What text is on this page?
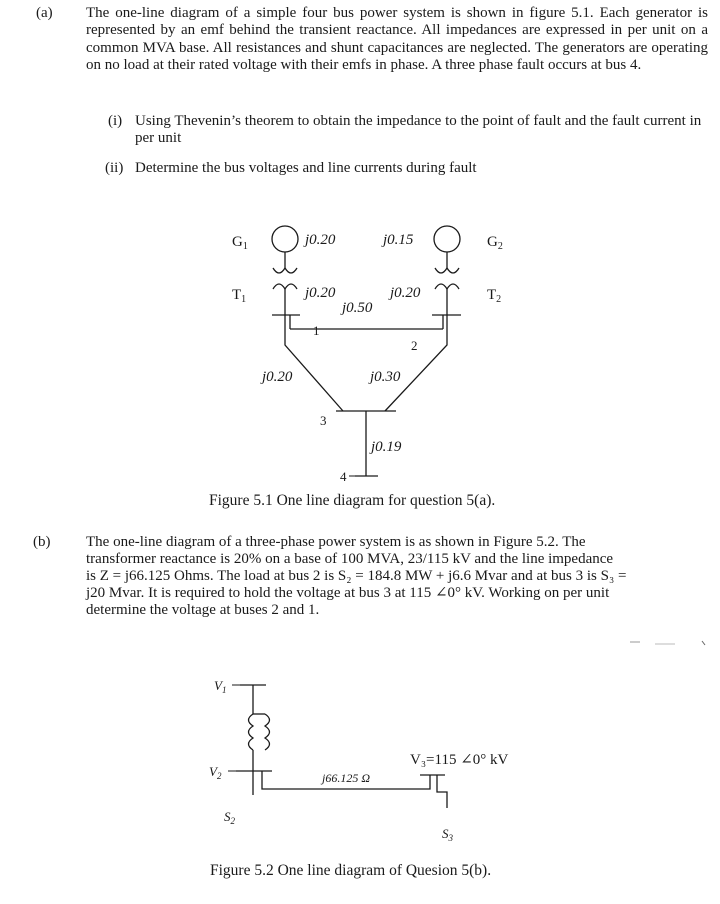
(a) The one-line diagram of a simple four bus power system is shown in figure 5.1. Each generator is represented by an emf behind the transient reactance. All impedances are expressed in per unit on a common MVA base. All resistances and shunt capacitances are neglected. The generators are operating on no load at their rated voltage with their emfs in phase. A three phase fault occurs at bus 4.

(i) Using Thevenin’s theorem to obtain the impedance to the point of fault and the fault current in per unit

(ii) Determine the bus voltages and line currents during fault

$G_1$	$G_2$
$T_1$	$T_2$
j0.20	j0.15
j0.20	j0.20
j0.50
j0.20	j0.30
j0.19
1
2
3
4
Figure 5.1 One line diagram for question 5(a).
(b) The one-line diagram of a three-phase power system is as shown in Figure 5.2. The
transformer reactance is 20% on a base of 100 MVA, 23/115 kV and the line impedance
is Z = j66.125 Ohms. The load at bus 2 is S₂ = 184.8 MW + j6.6 Mvar and at bus 3 is S₃ =
j20 Mvar. It is required to hold the voltage at bus 3 at 115 ∠0° kV. Working on per unit
determine the voltage at buses 2 and 1.
$V_1$
$V_2$
V₃=115 ∠0° kV
j66.125 Ω
$S_2$
$S_3$
Figure 5.2 One line diagram of Quesion 5(b).
